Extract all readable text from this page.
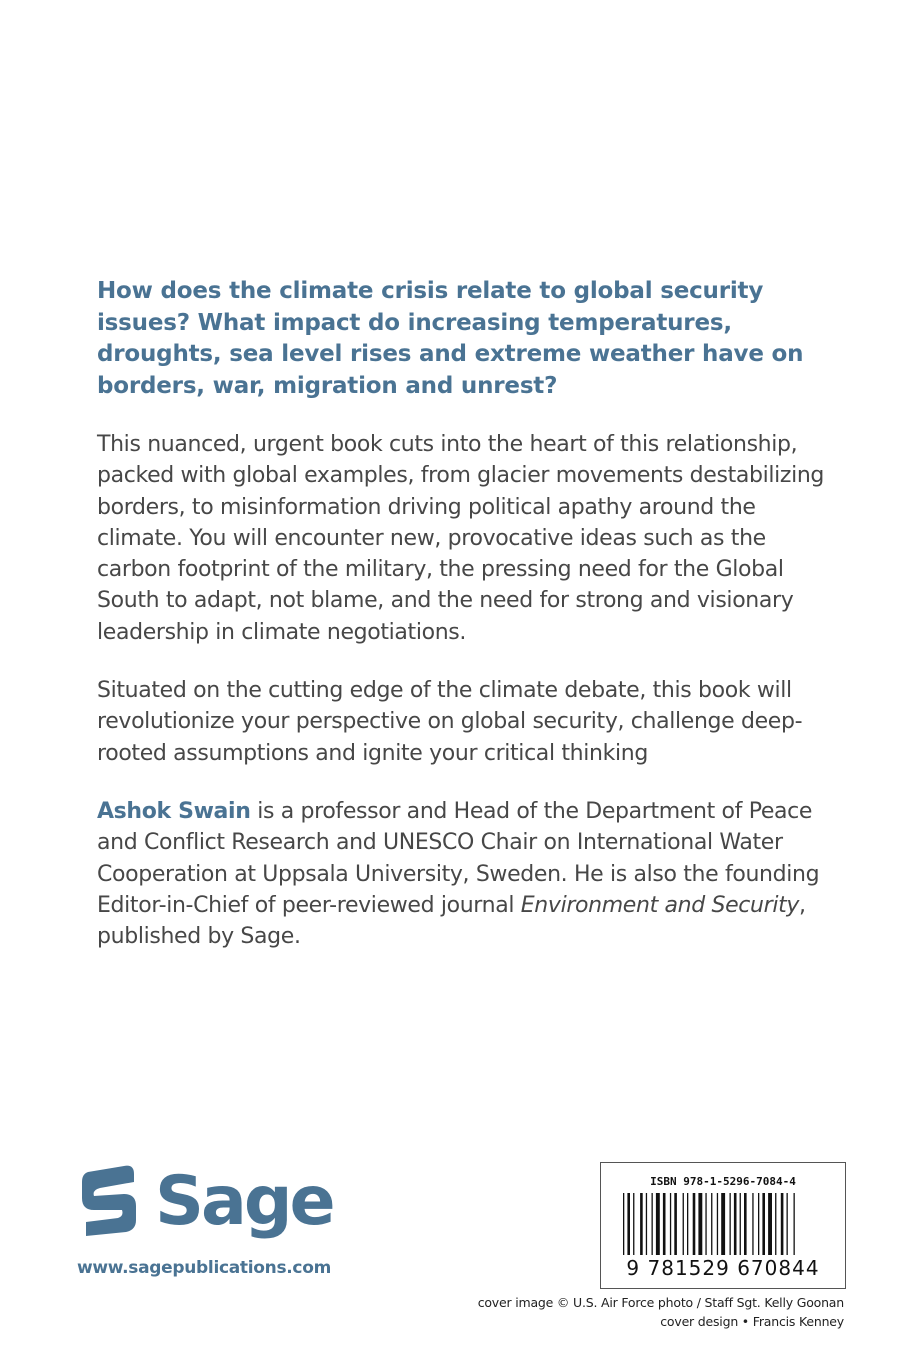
How does the climate crisis relate to global security issues? What impact do increasing temperatures, droughts, sea level rises and extreme weather have on borders, war, migration and unrest?

This nuanced, urgent book cuts into the heart of this relationship, packed with global examples, from glacier movements destabilizing borders, to misinformation driving political apathy around the climate. You will encounter new, provocative ideas such as the carbon footprint of the military, the pressing need for the Global South to adapt, not blame, and the need for strong and visionary leadership in climate negotiations.

Situated on the cutting edge of the climate debate, this book will revolutionize your perspective on global security, challenge deep-rooted assumptions and ignite your critical thinking

Ashok Swain is a professor and Head of the Department of Peace and Conflict Research and UNESCO Chair on International Water Cooperation at Uppsala University, Sweden. He is also the founding Editor-in-Chief of peer-reviewed journal Environment and Security, published by Sage.

Sage
www.sagepublications.com
ISBN 978-1-5296-7084-4
9 781529 670844
cover image © U.S. Air Force photo / Staff Sgt. Kelly Goonan
cover design • Francis Kenney
